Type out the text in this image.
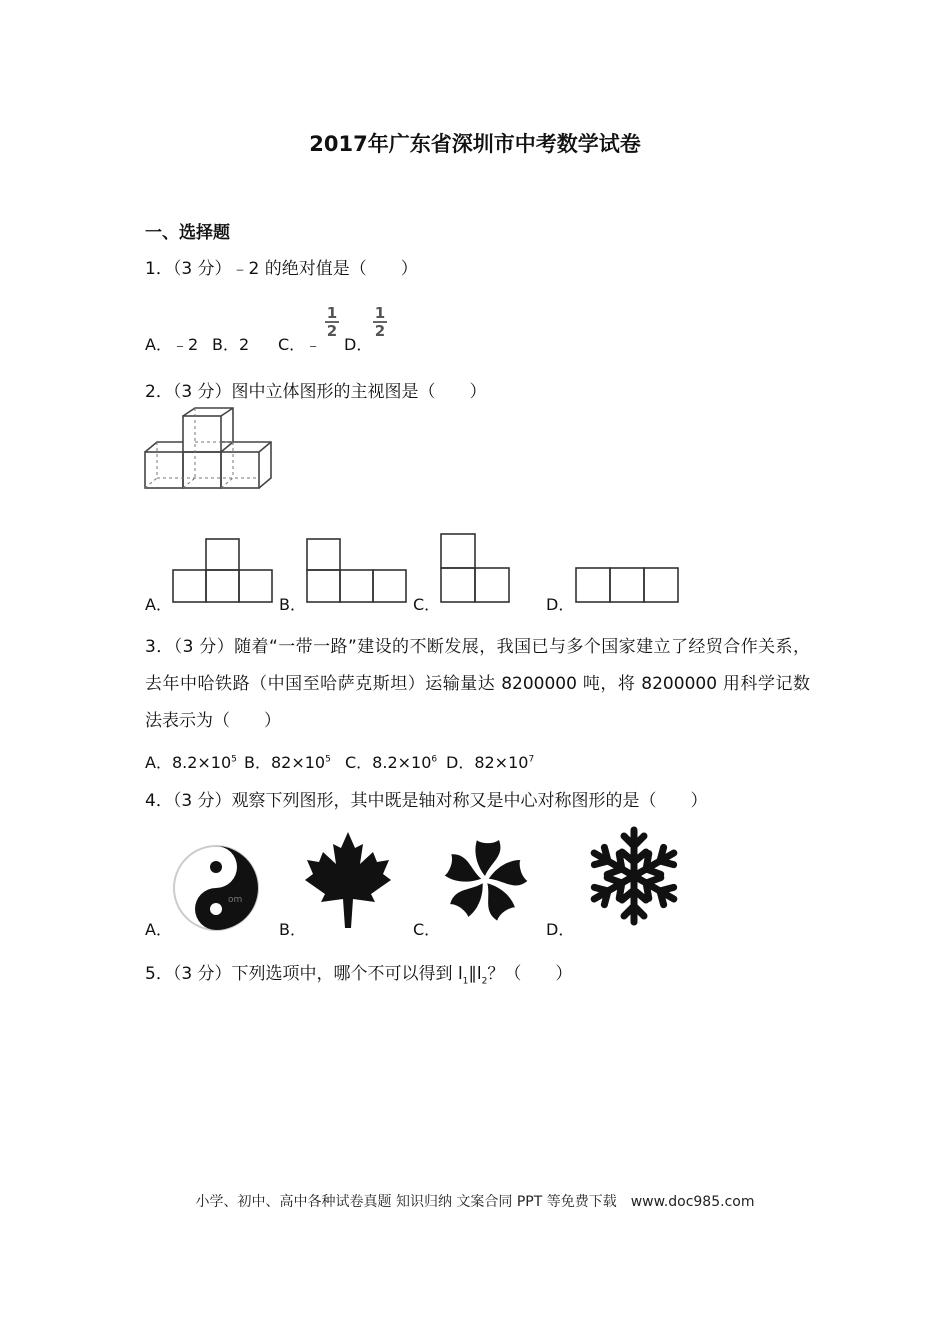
2017年广东省深圳市中考数学试卷
一、选择题
1．（3 分）﹣2 的绝对值是（　　）
A．﹣2 B．2 C．﹣
$\frac{1}{2}$
D．
$\frac{1}{2}$
2．（3 分）图中立体图形的主视图是（　　）
A．	B．	C．	D．
3．（3 分）随着“一带一路”建设的不断发展，我国已与多个国家建立了经贸合作关系，去年中哈铁路（中国至哈萨克斯坦）运输量达 8200000 吨，将 8200000 用科学记数法表示为（　　）
A．$8.2\times 10^5$ B．$82\times 10^5$ C．$8.2\times 10^6$ D．$82\times 10^7$
4．（3 分）观察下列图形，其中既是轴对称又是中心对称图形的是（　　）
A．
om
B．	C．	D．
5．（3 分）下列选项中，哪个不可以得到 $l_1\parallel l_2$？（　　）
小学、初中、高中各种试卷真题 知识归纳 文案合同 PPT 等免费下载　www.doc985.com
